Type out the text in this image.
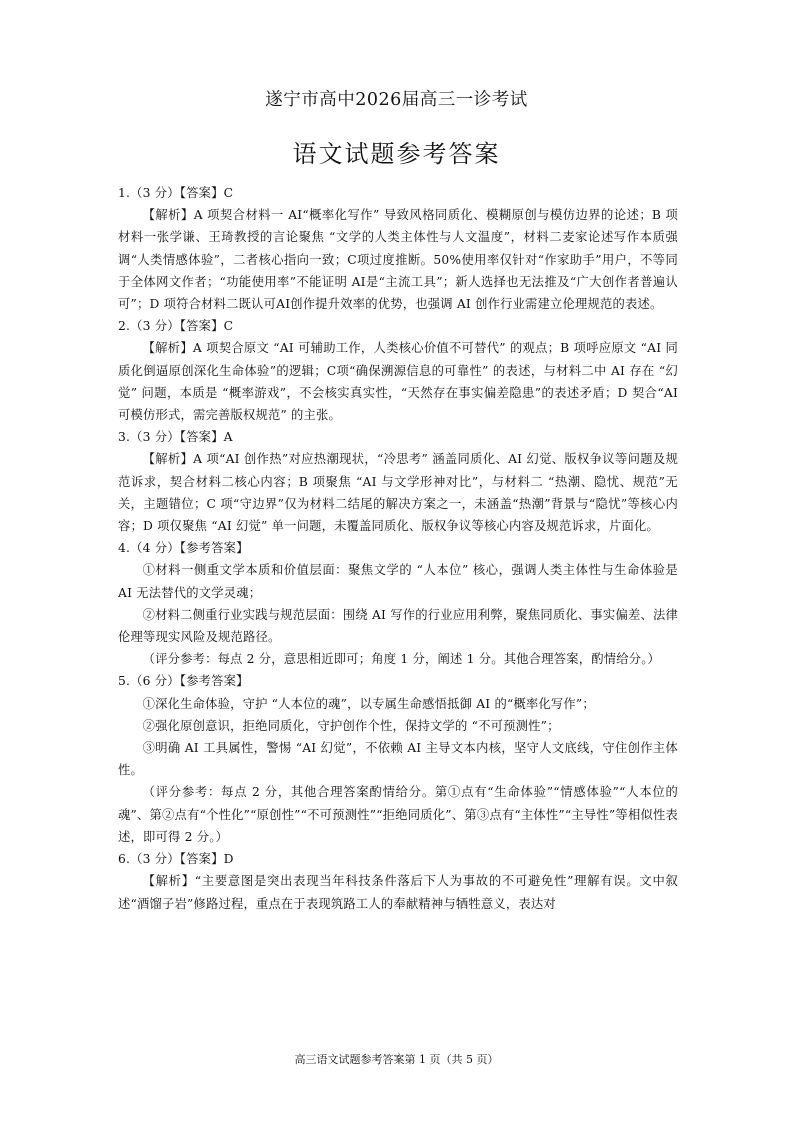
遂宁市高中2026届高三一诊考试
语文试题参考答案

1.（3 分）【答案】C

【解析】A 项契合材料一 AI“概率化写作” 导致风格同质化、模糊原创与模仿边界的论述；B 项材料一张学谦、王琦教授的言论聚焦 “文学的人类主体性与人文温度”，材料二麦家论述写作本质强调“人类情感体验”，二者核心指向一致；C项过度推断。50%使用率仅针对“作家助手”用户，不等同于全体网文作者；“功能使用率”不能证明 AI是“主流工具”；新人选择也无法推及“广大创作者普遍认可”；D 项符合材料二既认可AI创作提升效率的优势，也强调 AI 创作行业需建立伦理规范的表述。

2.（3 分）【答案】C

【解析】A 项契合原文 “AI 可辅助工作，人类核心价值不可替代” 的观点；B 项呼应原文 “AI 同质化倒逼原创深化生命体验”的逻辑；C项“确保溯源信息的可靠性” 的表述，与材料二中 AI 存在 “幻觉” 问题，本质是 “概率游戏”，不会核实真实性，“天然存在事实偏差隐患”的表述矛盾；D 契合“AI 可模仿形式，需完善版权规范” 的主张。

3.（3 分）【答案】A

【解析】A 项“AI 创作热”对应热潮现状，“冷思考” 涵盖同质化、AI 幻觉、版权争议等问题及规范诉求，契合材料二核心内容；B 项聚焦 “AI 与文学形神对比”，与材料二 “热潮、隐忧、规范”无关，主题错位；C 项“守边界”仅为材料二结尾的解决方案之一，未涵盖“热潮”背景与“隐忧”等核心内容；D 项仅聚焦 “AI 幻觉” 单一问题，未覆盖同质化、版权争议等核心内容及规范诉求，片面化。

4.（4 分）【参考答案】

①材料一侧重文学本质和价值层面：聚焦文学的 “人本位” 核心，强调人类主体性与生命体验是 AI 无法替代的文学灵魂；

②材料二侧重行业实践与规范层面：围绕 AI 写作的行业应用利弊，聚焦同质化、事实偏差、法律伦理等现实风险及规范路径。

（评分参考：每点 2 分，意思相近即可；角度 1 分，阐述 1 分。其他合理答案，酌情给分。）

5.（6 分）【参考答案】

①深化生命体验，守护 “人本位的魂”，以专属生命感悟抵御 AI 的“概率化写作”；

②强化原创意识，拒绝同质化，守护创作个性，保持文学的 “不可预测性”；

③明确 AI 工具属性，警惕 “AI 幻觉”，不依赖 AI 主导文本内核，坚守人文底线，守住创作主体性。

（评分参考：每点 2 分，其他合理答案酌情给分。第①点有“生命体验”“情感体验”“人本位的魂”、第②点有“个性化”“原创性”“不可预测性”“拒绝同质化”、第③点有“主体性”“主导性”等相似性表述，即可得 2 分。）

6.（3 分）【答案】D

【解析】“主要意图是突出表现当年科技条件落后下人为事故的不可避免性”理解有误。文中叙述“酒馏子岩”修路过程，重点在于表现筑路工人的奉献精神与牺牲意义，表达对

高三语文试题参考答案第 1 页（共 5 页）
